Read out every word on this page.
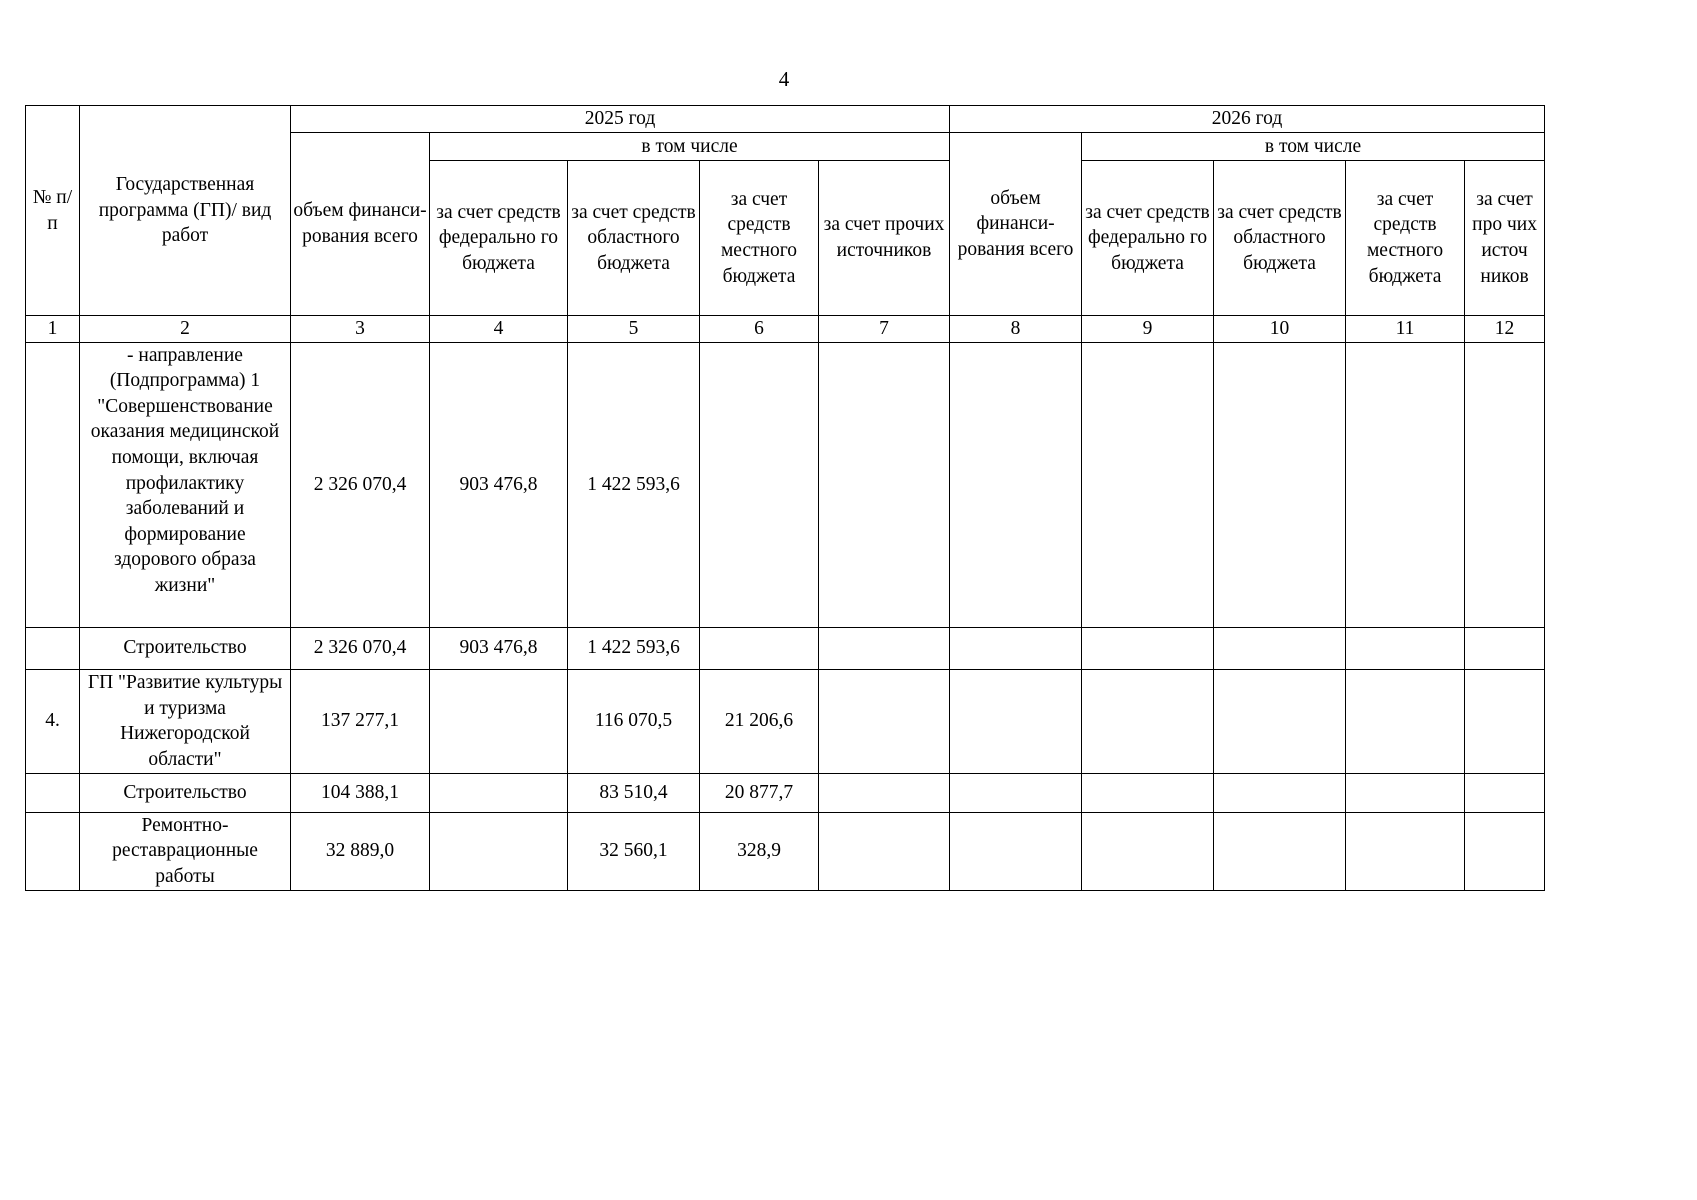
4
№ п/п	Государственная программа (ГП)/ вид работ	2025 год					2026 год				
		объем финанси-рования всего	в том числе				объем финанси-рования всего	в том числе			
			за счет средств федерально го бюджета	за счет средств областного бюджета	за счет средств местного бюджета	за счет прочих источников		за счет средств федерально го бюджета	за счет средств областного бюджета	за счет средств местного бюджета	за счет про чих источ ников
1	2	3	4	5	6	7	8	9	10	11	12
	- направление (Подпрограмма) 1 "Совершенствование оказания медицинской помощи, включая профилактику заболеваний и формирование здорового образа жизни"	2 326 070,4	903 476,8	1 422 593,6							
	Строительство	2 326 070,4	903 476,8	1 422 593,6							
4.	ГП "Развитие культуры и туризма Нижегородской области"	137 277,1		116 070,5	21 206,6						
	Строительство	104 388,1		83 510,4	20 877,7						
	Ремонтно-реставрационные работы	32 889,0		32 560,1	328,9						
